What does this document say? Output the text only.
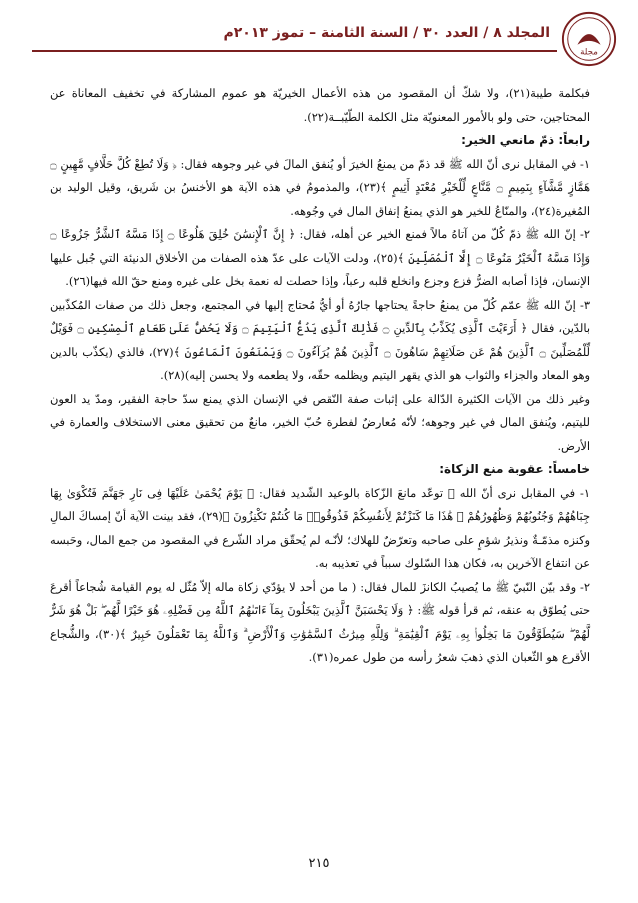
المجلد ٨ / العدد ٣٠ / السنة الثامنة – تموز ٢٠١٣م
مجلة

فبكلمة طيبة(٢١)، ولا شكّ أن المقصود من هذه الأعمال الخيريّة هو عموم المشاركة في تخفيف المعاناة عن المحتاجين، حتى ولو بالأمور المعنويّة مثل الكلمة الطّيّبــة(٢٢).

رابعاً: ذمّ مانعي الخير:

١- في المقابل نرى أنّ الله ﷺ قد ذمّ من يمنعُ الخيرَ أو يُنفق المالَ في غير وجوهه فقال: ﴿ وَلَا تُطِعْ كُلَّ حَلَّافٍ مَّهِينٍ ۝ هَمَّازٍ مَّشَّآءٍ بِنَمِيمٍ ۝ مَّنَّاعٍ لِّلْخَيْرِ مُعْتَدٍ أَثِيمٍ ﴾(٢٣)، والمذمومُ في هذه الآية هو الأخنسُ بن شَريق، وقيل الوليد بن المُغيرة(٢٤)، والمنّاعُ للخير هو الذي يمنعُ إنفاق المال في وجُوهه.

٢- إنّ الله ﷺ ذمّ كُلّ من آتاهُ مالاً فمنع الخير عن أهله، فقال: ﴿ إِنَّ ٱلْإِنسَٰنَ خُلِقَ هَلُوعًا ۝ إِذَا مَسَّهُ ٱلشَّرُّ جَزُوعًا ۝ وَإِذَا مَسَّهُ ٱلْخَيْرُ مَنُوعًا ۝ إِلَّا ٱلْمُصَلِّينَ ﴾(٢٥)، ودلت الآيات على عدّ هذه الصفات من الأخلاق الدنيئة التي جُبل عليها الإنسان، فإذا أصابه الضرُّ فزع وجزع وانخلع قلبه رعباً، وإذا حصلت له نعمة بخل على غيره ومنع حقّ الله فيها(٢٦).

٣- إنّ الله ﷺ عمّم كُلّ من يمنعُ حاجةً يحتاجها جارُهُ أو أيُّ مُحتاج إليها في المجتمع، وجعل ذلك من صفات المُكذّبين بالدّين، فقال ﴿ أَرَءَيْتَ ٱلَّذِى يُكَذِّبُ بِٱلدِّينِ ۝ فَذَٰلِكَ ٱلَّذِى يَدُعُّ ٱلْيَتِيمَ ۝ وَلَا يَحُضُّ عَلَىٰ طَعَامِ ٱلْمِسْكِينِ ۝ فَوَيْلٌ لِّلْمُصَلِّينَ ۝ ٱلَّذِينَ هُمْ عَن صَلَاتِهِمْ سَاهُونَ ۝ ٱلَّذِينَ هُمْ يُرَآءُونَ ۝ وَيَمْنَعُونَ ٱلْمَاعُونَ ﴾(٢٧)، فالذي (يكذّب بالدين وهو المعاد والجزاء والثواب هو الذي يقهر اليتيم ويظلمه حقّه، ولا يطعمه ولا يحسن إليه)(٢٨).

وغير ذلك من الآيات الكثيرة الدّالة على إثبات صفة النّقص في الإنسان الذي يمنع سدّ حاجة الفقير، ومدّ يد العون لليتيم، ويُنفق المال في غير وجوهه؛ لأنّه مُعارضٌ لفطرة حُبّ الخير، مانعٌ من تحقيق معنى الاستخلاف والعمارة في الأرض.

خامساً: عقوبة منع الزكاة:

١- في المقابل نرى أنّ الله ﷺ توعّد مانعَ الزّكاة بالوعيد الشّديد فقال: ﴿ يَوْمَ يُحْمَىٰ عَلَيْهَا فِى نَارِ جَهَنَّمَ فَتُكْوَىٰ بِهَا جِبَاهُهُمْ وَجُنُوبُهُمْ وَظُهُورُهُمْ ۖ هَٰذَا مَا كَنَزْتُمْ لِأَنفُسِكُمْ فَذُوقُوا۟ مَا كُنتُمْ تَكْنِزُونَ ﴾(٢٩)، فقد بينت الآية أنّ إمساكَ المالِ وكنزه مذمّـةٌ ونذيرُ شؤمٍ على صاحبه وتعرّضٌ للهلاك؛ لأنّـه لم يُحقّق مراد الشّرع في المقصود من جمع المال، وحَبسه عن انتفاع الآخرين به، فكان هذا السّلوك سبباً في تعذيبه به.

٢- وقد بيّن النّبيّ ﷺ ما يُصيبُ الكانزَ للمال فقال: ( ما من أحد لا يؤدّي زكاة ماله إلاّ مُثّل له يوم القيامة شُجاعاً أقرعَ حتى يُطوّق به عنقه، ثم قرأ قوله ﷺ: ﴿ وَلَا يَحْسَبَنَّ ٱلَّذِينَ يَبْخَلُونَ بِمَآ ءَاتَىٰهُمُ ٱللَّهُ مِن فَضْلِهِۦ هُوَ خَيْرًا لَّهُم ۖ بَلْ هُوَ شَرٌّ لَّهُمْ ۖ سَيُطَوَّقُونَ مَا بَخِلُوا۟ بِهِۦ يَوْمَ ٱلْقِيَٰمَةِ ۗ وَلِلَّهِ مِيرَٰثُ ٱلسَّمَٰوَٰتِ وَٱلْأَرْضِ ۗ وَٱللَّهُ بِمَا تَعْمَلُونَ خَبِيرٌ ﴾(٣٠)، والشُّجاع الأقرع هو الثّعبان الذي ذهبَ شعرُ رأسه من طول عمره(٣١).

٢١٥
